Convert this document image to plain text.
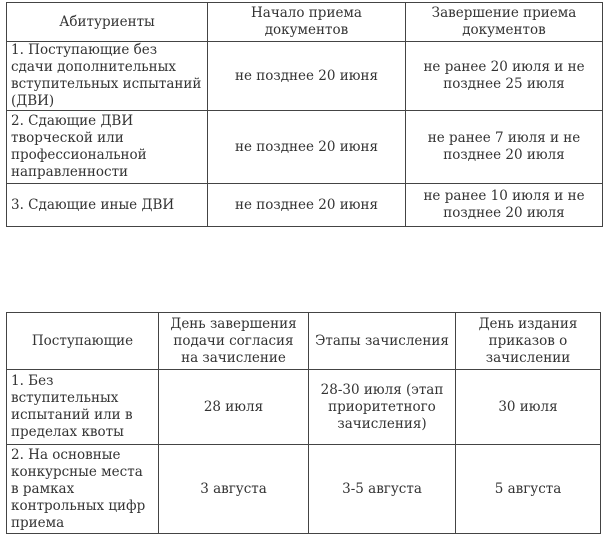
Абитуриенты	Начало приема документов	Завершение приема документов
1. Поступающие без сдачи дополнительных вступительных испытаний (ДВИ)	не позднее 20 июня	не ранее 20 июля и не позднее 25 июля
2. Сдающие ДВИ творческой или профессиональной направленности	не позднее 20 июня	не ранее 7 июля и не позднее 20 июля
3. Сдающие иные ДВИ	не позднее 20 июня	не ранее 10 июля и не позднее 20 июля
Поступающие	День завершения подачи согласия на зачисление	Этапы зачисления	День издания приказов о зачислении
1. Без вступительных испытаний или в пределах квоты	28 июля	28-30 июля (этап приоритетного зачисления)	30 июля
2. На основные конкурсные места в рамках контрольных цифр приема	3 августа	3-5 августа	5 августа
